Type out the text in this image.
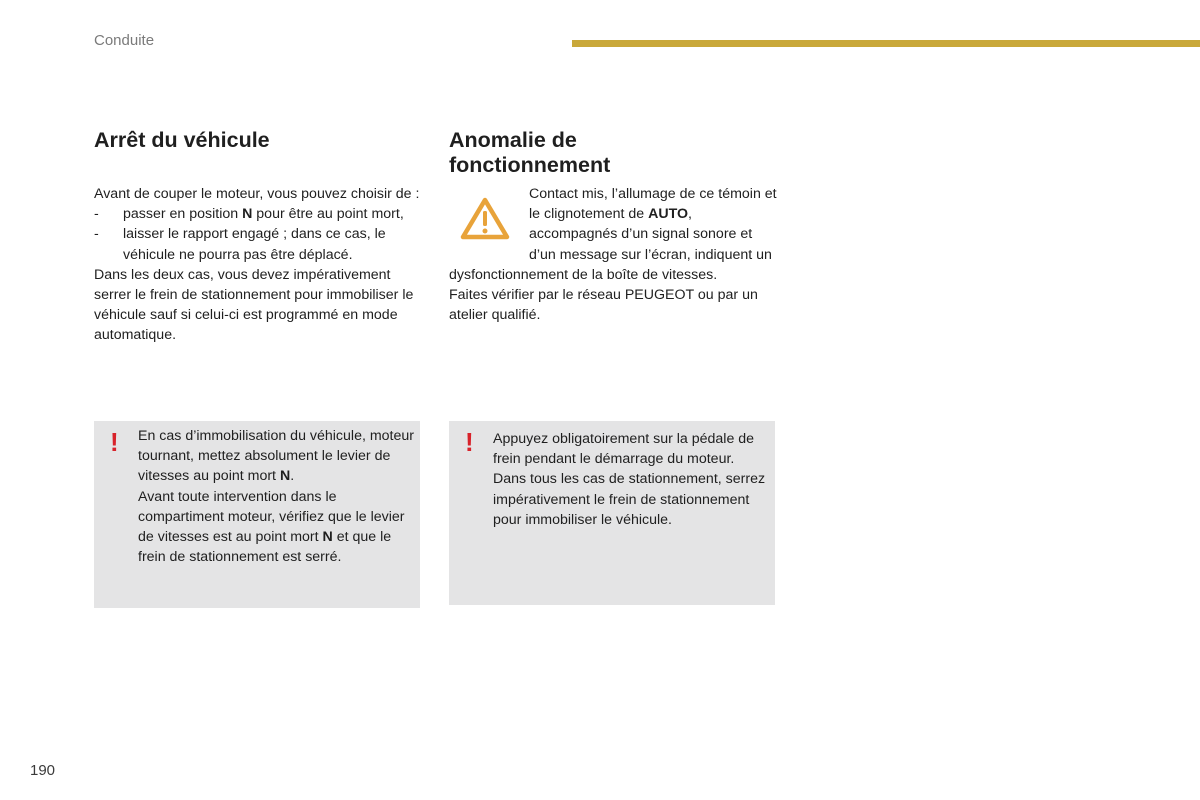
Conduite
Arrêt du véhicule

Avant de couper le moteur, vous pouvez choisir de :

-	passer en position N pour être au point mort,
-	laisser le rapport engagé ; dans ce cas, le véhicule ne pourra pas être déplacé.

Dans les deux cas, vous devez impérativement serrer le frein de stationnement pour immobiliser le véhicule sauf si celui-ci est programmé en mode automatique.

! En cas d’immobilisation du véhicule, moteur tournant, mettez absolument le levier de vitesses au point mort N.
Avant toute intervention dans le compartiment moteur, vérifiez que le levier de vitesses est au point mort N et que le frein de stationnement est serré.
Anomalie de
fonctionnement

Contact mis, l’allumage de ce témoin et le clignotement de AUTO, accompagnés d’un signal sonore et d’un message sur l’écran, indiquent un dysfonctionnement de la boîte de vitesses.

Faites vérifier par le réseau PEUGEOT ou par un atelier qualifié.

! Appuyez obligatoirement sur la pédale de frein pendant le démarrage du moteur.
Dans tous les cas de stationnement, serrez impérativement le frein de stationnement pour immobiliser le véhicule.
190
